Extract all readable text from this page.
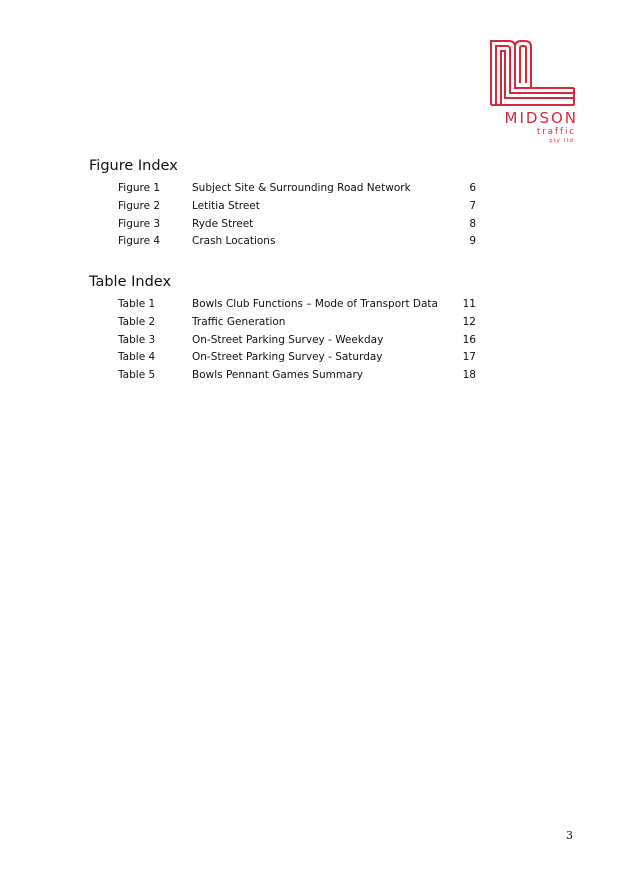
MIDSON
traffic
pty ltd
Figure Index
Figure 1	Subject Site & Surrounding Road Network	6
Figure 2	Letitia Street	7
Figure 3	Ryde Street	8
Figure 4	Crash Locations	9
Table Index
Table 1	Bowls Club Functions – Mode of Transport Data 11
Table 2	Traffic Generation	12
Table 3	On-Street Parking Survey - Weekday	16
Table 4	On-Street Parking Survey - Saturday	17
Table 5	Bowls Pennant Games Summary	18
3
